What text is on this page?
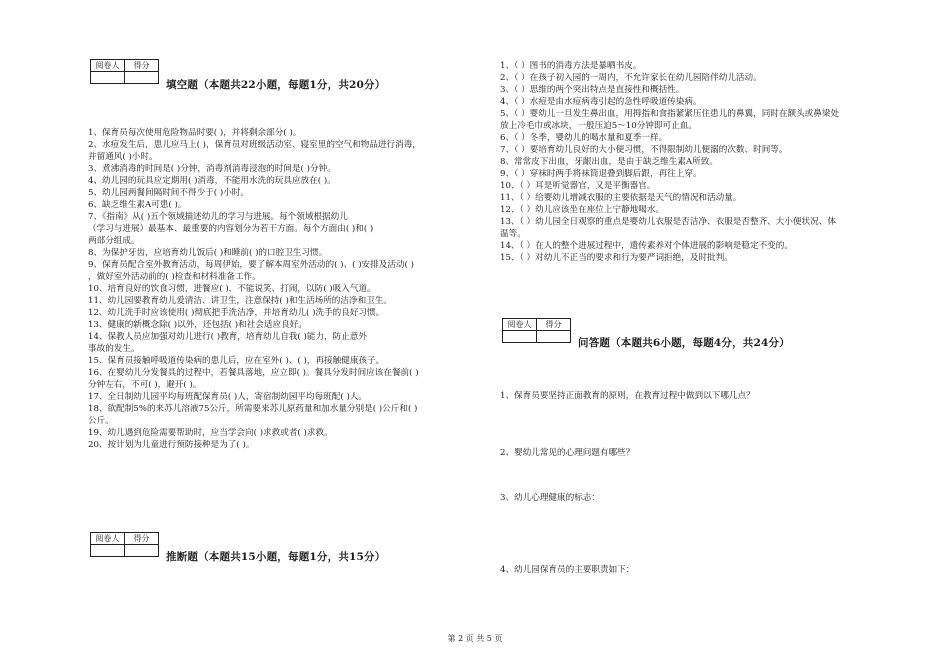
阅卷人	得分

填空题（本题共22小题，每题1分，共20分）
1、保育员每次使用危险物品时要( )，并将剩余部分( )。
2、水痘发生后，患儿应马上( )，保育员对班级活动室、寝室里的空气和物品进行消毒，
并留通风( )小时。
3、煮沸消毒的时间是( )分钟，消毒剂消毒浸泡的时间是( )分钟。
4、幼儿园的玩具应定期用( )消毒，不能用水洗的玩具应放在( )。
5、幼儿园两餐间隔时间不得少于( )小时。
6、缺乏维生素A可患( )。
7、《指南》从( )五个领域描述幼儿的学习与进展。每个领域根据幼儿
（学习与进展）最基本、最重要的内容划分为若干方面。每个方面由( )和( )
两部分组成。
8、为保护牙齿，应培育幼儿饭后( )和睡前( )的口腔卫生习惯。
9、保育员配合室外教育活动，每周伊始，要了解本周室外活动的( )、( )安排及活动( )
，做好室外活动前的( )检查和材料准备工作。
10、培育良好的饮食习惯，进餐应( )，不能说笑、打闹，以防( )吸入气道。
11、幼儿园要教育幼儿爱清洁、讲卫生，注意保持( )和生活场所的洁净和卫生。
12、幼儿洗手时应该使用( )彻底把手洗洁净，并培育幼儿( )洗手的良好习惯。
13、健康的新概念除( )以外，还包括( )和社会适应良好。
14、保教人员应加强对幼儿进行( )教育，培育幼儿自我( )能力，防止意外
事故的发生。
15、保育员接触呼吸道传染病的患儿后，应在室外( )、( )，再接触健康孩子。
16、在婴幼儿分发餐具的过程中，若餐具落地，应立即( )。餐具分发时间应该在餐前( )
分钟左右，不可( )，避开( )。
17、全日制幼儿园平均每班配保育员( )人，寄宿制幼园平均每班配( )人。
18、欲配制5%的来苏儿溶液75公斤，所需要来苏儿原药量和加水量分别是( )公斤和( )
公斤。
19、幼儿遇到危险需要帮助时，应当学会向( )求救或者( )求救。
20、按计划为儿童进行预防接种是为了( )。
阅卷人	得分

推断题（本题共15小题，每题1分，共15分）
1、（ ）图书的消毒方法是暴晒书皮。
2、（ ）在孩子初入园的一周内，不允许家长在幼儿园陪伴幼儿活动。
3、（ ）思维的两个突出特点是直接性和概括性。
4、（ ）水痘是由水痘病毒引起的急性呼吸道传染病。
5、（ ）婴幼儿一旦发生鼻出血，用拇指和食指紧紧压住患儿的鼻翼，同时在额头或鼻梁处
放上冷毛巾或冰块，一般压迫5～10分钟即可止血。
6、（ ）冬季，婴幼儿的喝水量和夏季一样。
7、（ ）要培育幼儿良好的大小便习惯，不得限制幼儿便溺的次数、时间等。
8、常常皮下出血，牙龈出血，是由于缺乏维生素A所致。
9、（ ）穿袜时两手将袜筒退叠到脚后跟，再往上穿。
10、（ ）耳是听觉器官，又是平衡器官。
11、（ ）给婴幼儿增减衣服的主要依据是天气的情况和活动量。
12、（ ）幼儿应该坐在座位上宁静地喝水。
13、（ ）幼儿园全日观察的重点是婴幼儿衣服是否洁净、衣服是否整齐、大小便状况、体
温等。
14、（ ）在人的整个进展过程中，遗传素养对个体进展的影响是稳定不变的。
15、（ ）对幼儿不正当的要求和行为要严词拒绝，及时批判。
阅卷人	得分

问答题（本题共6小题，每题4分，共24分）
1、保育员要坚持正面教育的原则，在教育过程中做到以下哪几点？
2、婴幼儿常见的心理问题有哪些？
3、幼儿心理健康的标志：
4、幼儿园保育员的主要职责如下：
第 2 页 共 5 页
